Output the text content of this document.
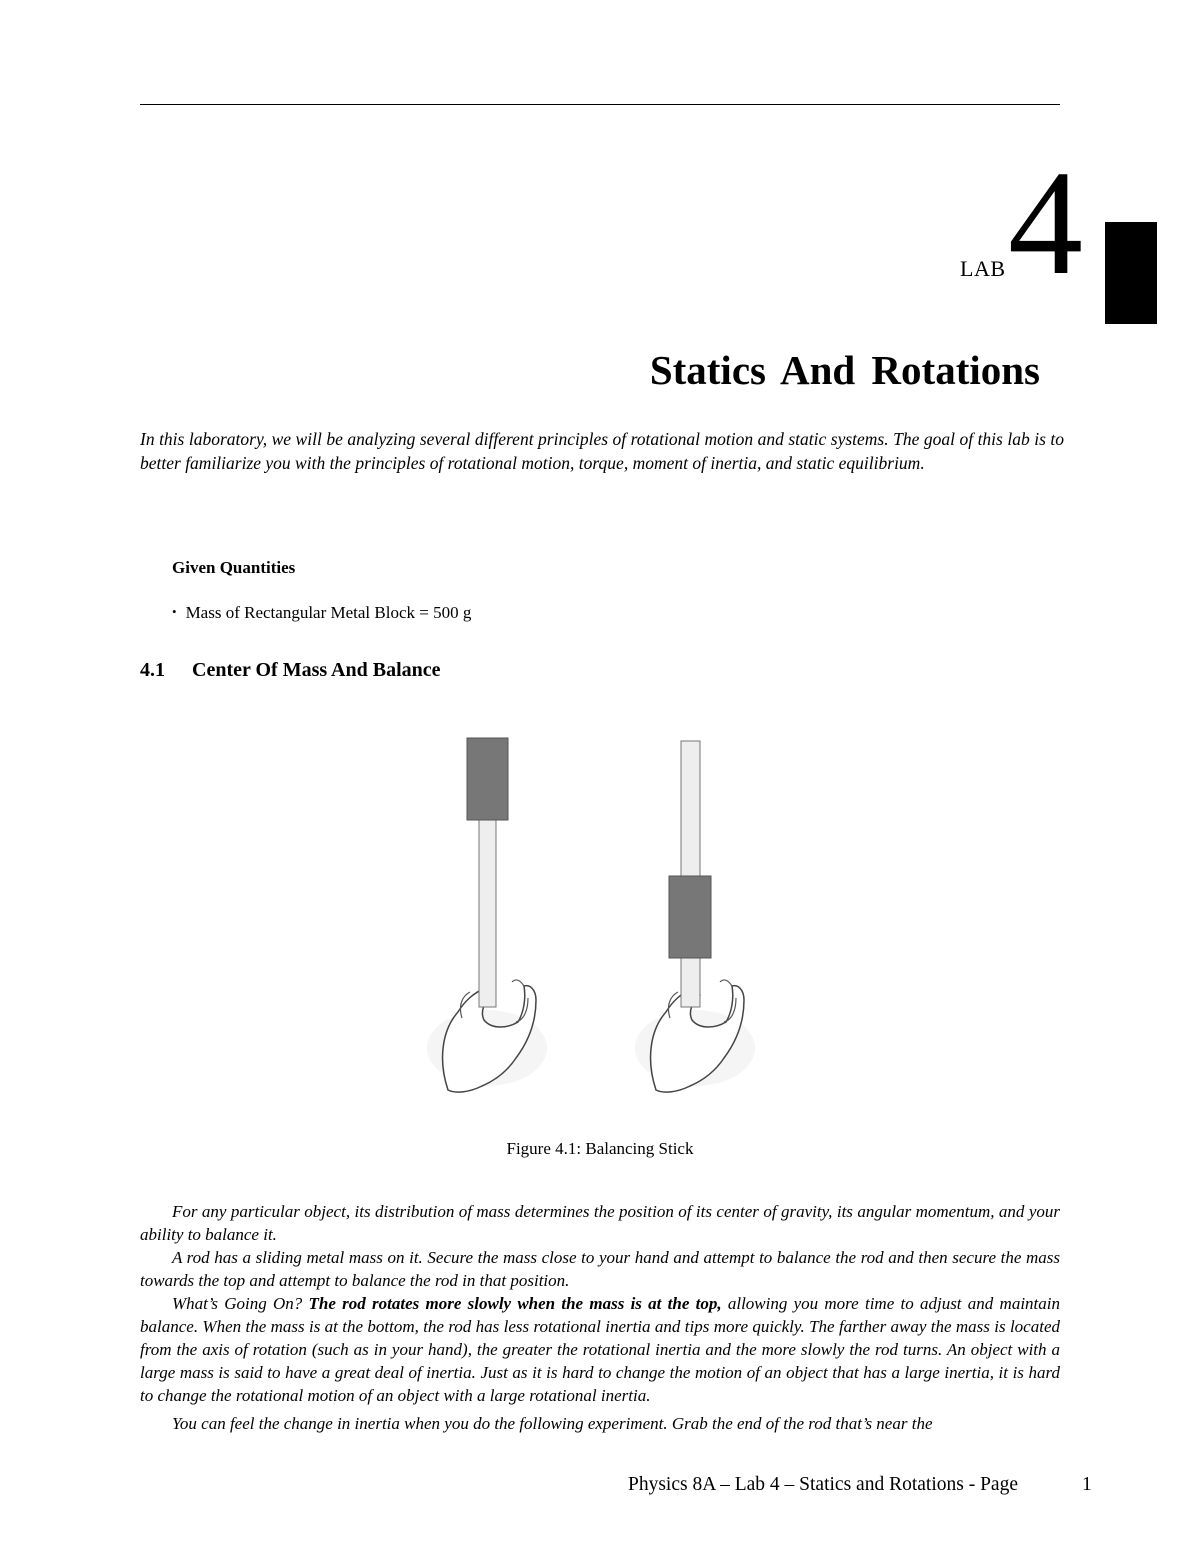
LAB 4
Statics And Rotations
In this laboratory, we will be analyzing several different principles of rotational motion and static systems. The goal of this lab is to better familiarize you with the principles of rotational motion, torque, moment of inertia, and static equilibrium.
Given Quantities
• Mass of Rectangular Metal Block = 500 g
4.1 Center Of Mass And Balance
Figure 4.1: Balancing Stick

For any particular object, its distribution of mass determines the position of its center of gravity, its angular momentum, and your ability to balance it.

A rod has a sliding metal mass on it. Secure the mass close to your hand and attempt to balance the rod and then secure the mass towards the top and attempt to balance the rod in that position.

What’s Going On? The rod rotates more slowly when the mass is at the top, allowing you more time to adjust and maintain balance. When the mass is at the bottom, the rod has less rotational inertia and tips more quickly. The farther away the mass is located from the axis of rotation (such as in your hand), the greater the rotational inertia and the more slowly the rod turns. An object with a large mass is said to have a great deal of inertia. Just as it is hard to change the motion of an object that has a large inertia, it is hard to change the rotational motion of an object with a large rotational inertia.

You can feel the change in inertia when you do the following experiment. Grab the end of the rod that’s near the

Physics 8A – Lab 4 – Statics and Rotations - Page	1
